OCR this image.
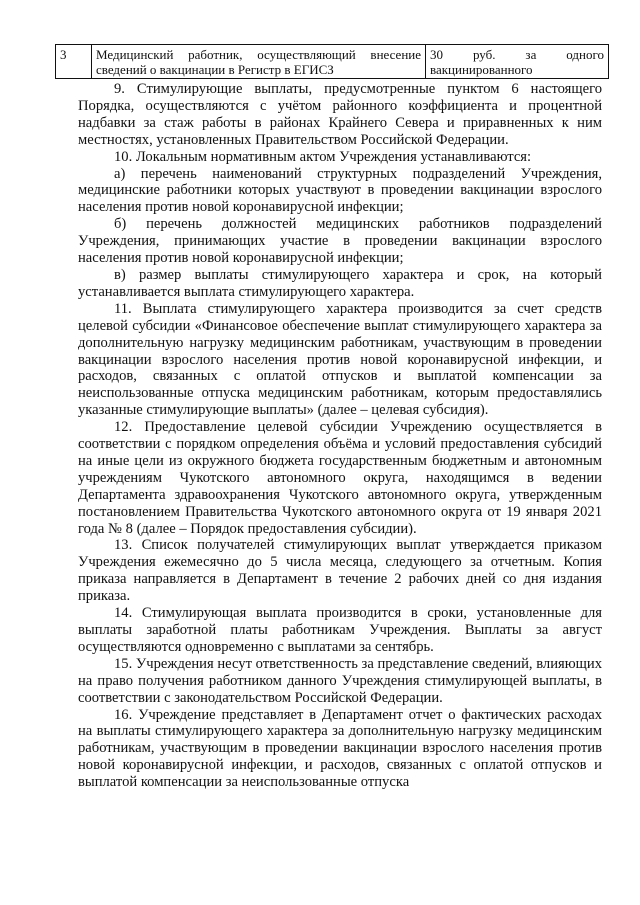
3	Медицинский работник, осуществляющий внесение сведений о вакцинации в Регистр в ЕГИСЗ	30 руб. за одного вакцинированного

9. Стимулирующие выплаты, предусмотренные пунктом 6 настоящего Порядка, осуществляются с учётом районного коэффициента и процентной надбавки за стаж работы в районах Крайнего Севера и приравненных к ним местностях, установленных Правительством Российской Федерации.

10. Локальным нормативным актом Учреждения устанавливаются:

а) перечень наименований структурных подразделений Учреждения, медицинские работники которых участвуют в проведении вакцинации взрослого населения против новой коронавирусной инфекции;

б) перечень должностей медицинских работников подразделений Учреждения, принимающих участие в проведении вакцинации взрослого населения против новой коронавирусной инфекции;

в) размер выплаты стимулирующего характера и срок, на который устанавливается выплата стимулирующего характера.

11. Выплата стимулирующего характера производится за счет средств целевой субсидии «Финансовое обеспечение выплат стимулирующего характера за дополнительную нагрузку медицинским работникам, участвующим в проведении вакцинации взрослого населения против новой коронавирусной инфекции, и расходов, связанных с оплатой отпусков и выплатой компенсации за неиспользованные отпуска медицинским работникам, которым предоставлялись указанные стимулирующие выплаты» (далее – целевая субсидия).

12. Предоставление целевой субсидии Учреждению осуществляется в соответствии с порядком определения объёма и условий предоставления субсидий на иные цели из окружного бюджета государственным бюджетным и автономным учреждениям Чукотского автономного округа, находящимся в ведении Департамента здравоохранения Чукотского автономного округа, утвержденным постановлением Правительства Чукотского автономного округа от 19 января 2021 года № 8 (далее – Порядок предоставления субсидии).

13. Список получателей стимулирующих выплат утверждается приказом Учреждения ежемесячно до 5 числа месяца, следующего за отчетным. Копия приказа направляется в Департамент в течение 2 рабочих дней со дня издания приказа.

14. Стимулирующая выплата производится в сроки, установленные для выплаты заработной платы работникам Учреждения. Выплаты за август осуществляются одновременно с выплатами за сентябрь.

15. Учреждения несут ответственность за представление сведений, влияющих на право получения работником данного Учреждения стимулирующей выплаты, в соответствии с законодательством Российской Федерации.

16. Учреждение представляет в Департамент отчет о фактических расходах на выплаты стимулирующего характера за дополнительную нагрузку медицинским работникам, участвующим в проведении вакцинации взрослого населения против новой коронавирусной инфекции, и расходов, связанных с оплатой отпусков и выплатой компенсации за неиспользованные отпуска
